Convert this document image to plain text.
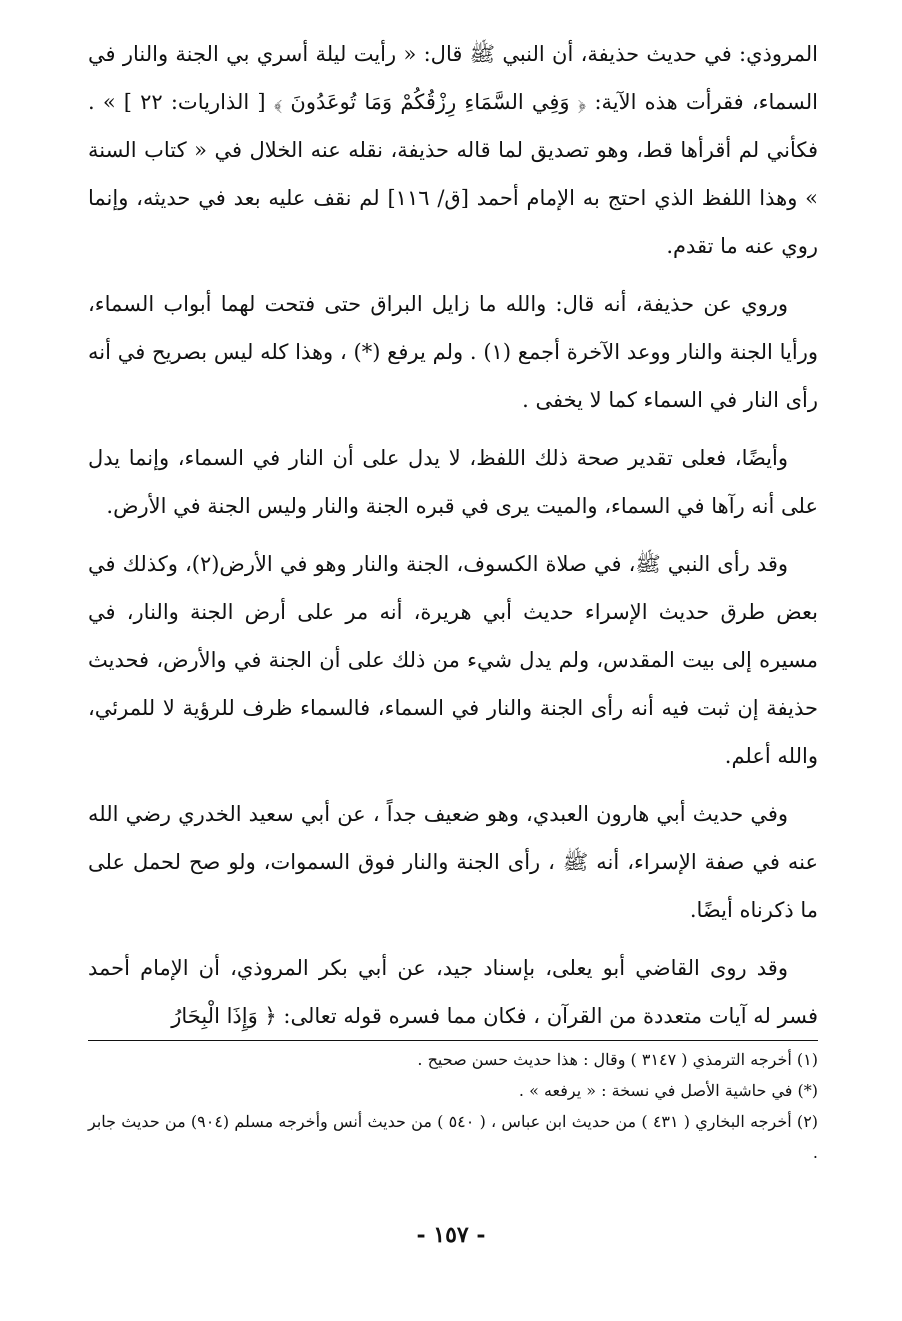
المروذي: في حديث حذيفة، أن النبي ﷺ قال: « رأيت ليلة أسري بي الجنة والنار في السماء، فقرأت هذه الآية: ﴿ وَفِي السَّمَاءِ رِزْقُكُمْ وَمَا تُوعَدُونَ ﴾ [ الذاريات: ٢٢ ] » . فكأني لم أقرأها قط، وهو تصديق لما قاله حذيفة، نقله عنه الخلال في « كتاب السنة » وهذا اللفظ الذي احتج به الإمام أحمد [ق/ ١١٦] لم نقف عليه بعد في حديثه، وإنما روي عنه ما تقدم.

وروي عن حذيفة، أنه قال: والله ما زايل البراق حتى فتحت لهما أبواب السماء، ورأيا الجنة والنار ووعد الآخرة أجمع (١) . ولم يرفع (*) ، وهذا كله ليس بصريح في أنه رأى النار في السماء كما لا يخفى .

وأيضًا، فعلى تقدير صحة ذلك اللفظ، لا يدل على أن النار في السماء، وإنما يدل على أنه رآها في السماء، والميت يرى في قبره الجنة والنار وليس الجنة في الأرض.

وقد رأى النبي ﷺ، في صلاة الكسوف، الجنة والنار وهو في الأرض(٢)، وكذلك في بعض طرق حديث الإسراء حديث أبي هريرة، أنه مر على أرض الجنة والنار، في مسيره إلى بيت المقدس، ولم يدل شيء من ذلك على أن الجنة في والأرض، فحديث حذيفة إن ثبت فيه أنه رأى الجنة والنار في السماء، فالسماء ظرف للرؤية لا للمرئي، والله أعلم.

وفي حديث أبي هارون العبدي، وهو ضعيف جداً ، عن أبي سعيد الخدري رضي الله عنه في صفة الإسراء، أنه ﷺ ، رأى الجنة والنار فوق السموات، ولو صح لحمل على ما ذكرناه أيضًا.

وقد روى القاضي أبو يعلى، بإسناد جيد، عن أبي بكر المروذي، أن الإمام أحمد فسر له آيات متعددة من القرآن ، فكان مما فسره قوله تعالى: ﴿ وَإِذَا الْبِحَارُ

(١) أخرجه الترمذي ( ٣١٤٧ ) وقال : هذا حديث حسن صحيح .

(*) في حاشية الأصل في نسخة : « يرفعه » .

(٢) أخرجه البخاري ( ٤٣١ ) من حديث ابن عباس ، ( ٥٤٠ ) من حديث أنس وأخرجه مسلم (٩٠٤) من حديث جابر .

- ١٥٧ -
